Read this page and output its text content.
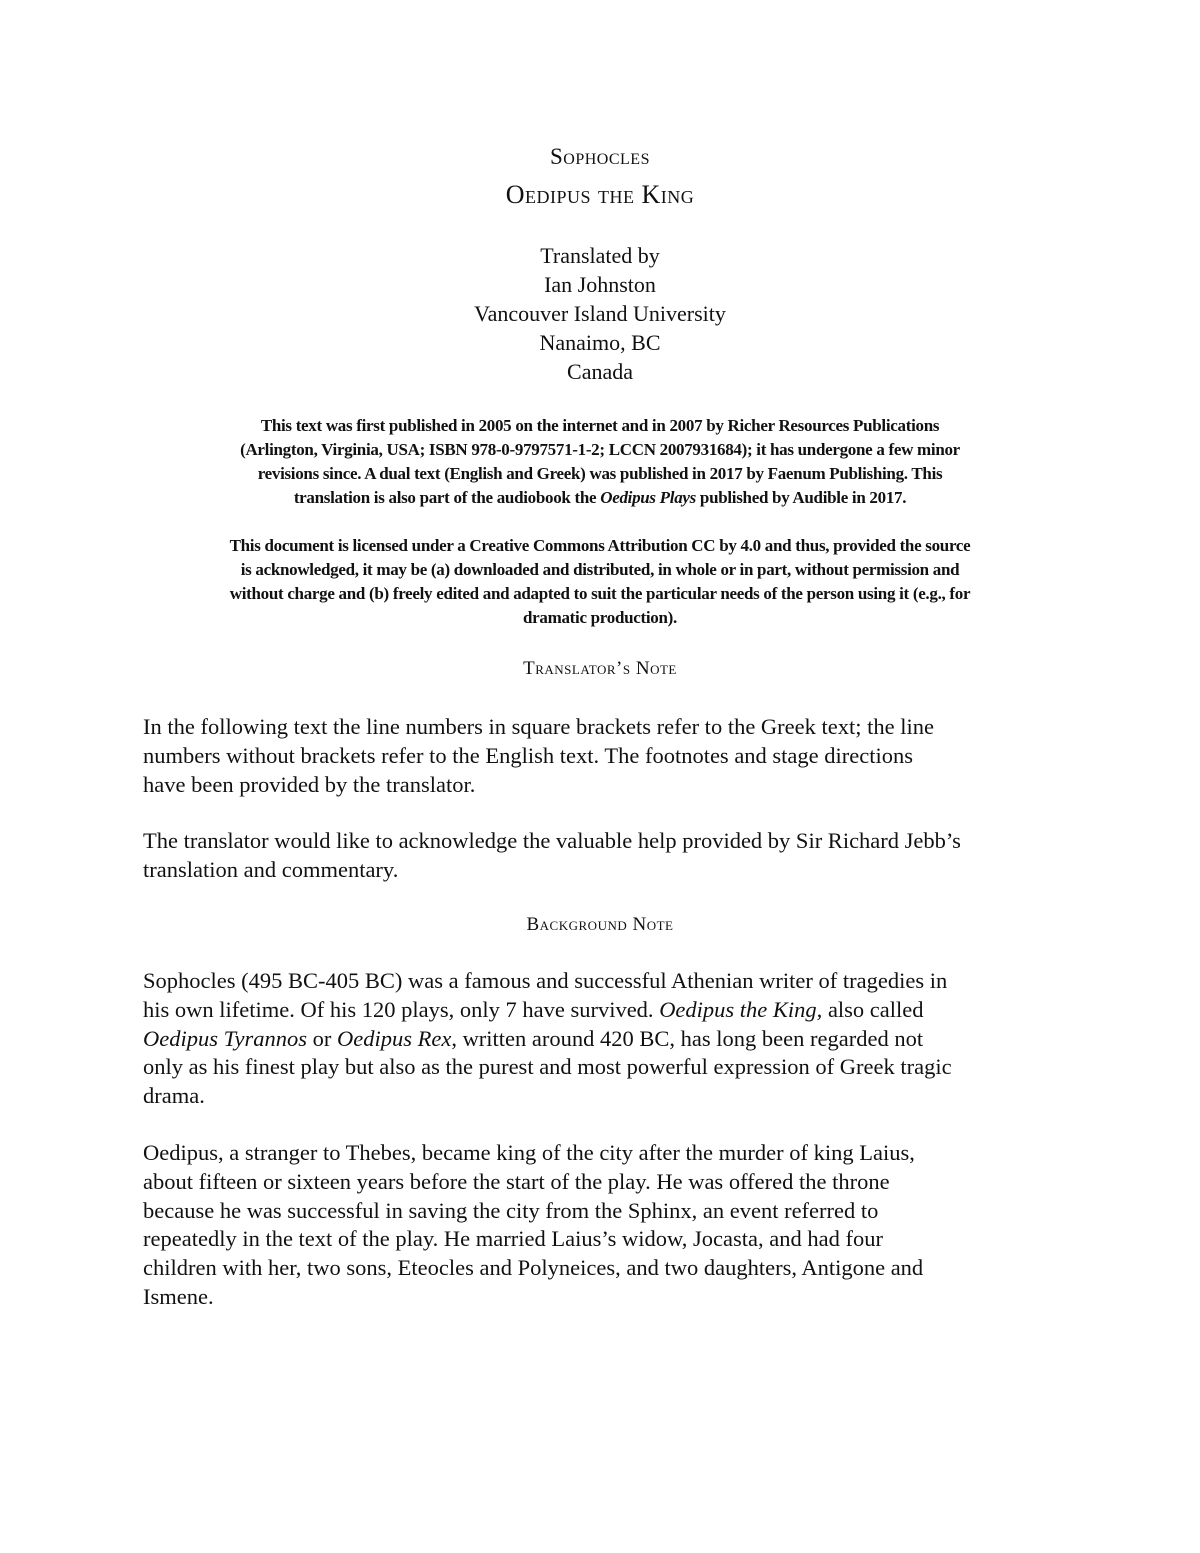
Sophocles
Oedipus the King
Translated by
Ian Johnston
Vancouver Island University
Nanaimo, BC
Canada
This text was first published in 2005 on the internet and in 2007 by Richer Resources Publications
(Arlington, Virginia, USA; ISBN 978-0-9797571-1-2; LCCN 2007931684); it has undergone a few minor
revisions since. A dual text (English and Greek) was published in 2017 by Faenum Publishing. This
translation is also part of the audiobook the Oedipus Plays published by Audible in 2017.
This document is licensed under a Creative Commons Attribution CC by 4.0 and thus, provided the source
is acknowledged, it may be (a) downloaded and distributed, in whole or in part, without permission and
without charge and (b) freely edited and adapted to suit the particular needs of the person using it (e.g., for
dramatic production).
Translator’s Note
In the following text the line numbers in square brackets refer to the Greek text; the line
numbers without brackets refer to the English text. The footnotes and stage directions
have been provided by the translator.
The translator would like to acknowledge the valuable help provided by Sir Richard Jebb’s
translation and commentary.
Background Note
Sophocles (495 BC-405 BC) was a famous and successful Athenian writer of tragedies in
his own lifetime. Of his 120 plays, only 7 have survived. Oedipus the King, also called
Oedipus Tyrannos or Oedipus Rex, written around 420 BC, has long been regarded not
only as his finest play but also as the purest and most powerful expression of Greek tragic
drama.
Oedipus, a stranger to Thebes, became king of the city after the murder of king Laius,
about fifteen or sixteen years before the start of the play. He was offered the throne
because he was successful in saving the city from the Sphinx, an event referred to
repeatedly in the text of the play. He married Laius’s widow, Jocasta, and had four
children with her, two sons, Eteocles and Polyneices, and two daughters, Antigone and
Ismene.
